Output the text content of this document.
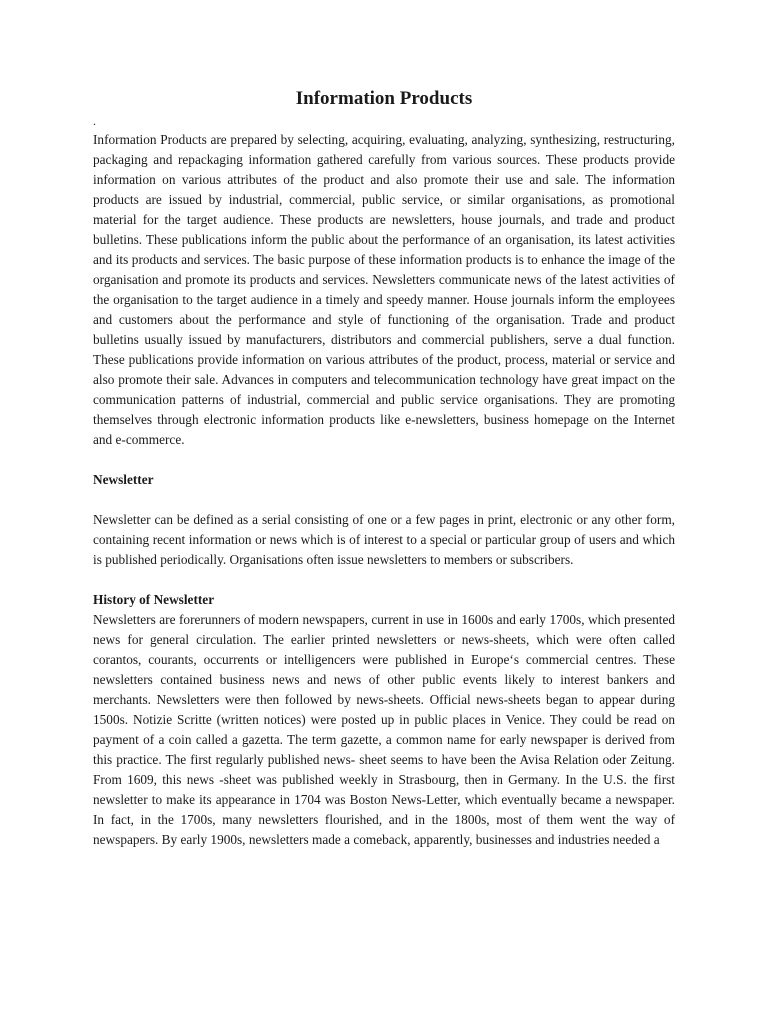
Information Products
.

Information Products are prepared by selecting, acquiring, evaluating, analyzing, synthesizing, restructuring, packaging and repackaging information gathered carefully from various sources. These products provide information on various attributes of the product and also promote their use and sale. The information products are issued by industrial, commercial, public service, or similar organisations, as promotional material for the target audience. These products are newsletters, house journals, and trade and product bulletins. These publications inform the public about the performance of an organisation, its latest activities and its products and services. The basic purpose of these information products is to enhance the image of the organisation and promote its products and services. Newsletters communicate news of the latest activities of the organisation to the target audience in a timely and speedy manner. House journals inform the employees and customers about the performance and style of functioning of the organisation. Trade and product bulletins usually issued by manufacturers, distributors and commercial publishers, serve a dual function. These publications provide information on various attributes of the product, process, material or service and also promote their sale. Advances in computers and telecommunication technology have great impact on the communication patterns of industrial, commercial and public service organisations. They are promoting themselves through electronic information products like e-newsletters, business homepage on the Internet and e-commerce.

Newsletter

Newsletter can be defined as a serial consisting of one or a few pages in print, electronic or any other form, containing recent information or news which is of interest to a special or particular group of users and which is published periodically. Organisations often issue newsletters to members or subscribers.

History of Newsletter

Newsletters are forerunners of modern newspapers, current in use in 1600s and early 1700s, which presented news for general circulation. The earlier printed newsletters or news-sheets, which were often called corantos, courants, occurrents or intelligencers were published in Europe‘s commercial centres. These newsletters contained business news and news of other public events likely to interest bankers and merchants. Newsletters were then followed by news-sheets. Official news-sheets began to appear during 1500s. Notizie Scritte (written notices) were posted up in public places in Venice. They could be read on payment of a coin called a gazetta. The term gazette, a common name for early newspaper is derived from this practice. The first regularly published news- sheet seems to have been the Avisa Relation oder Zeitung. From 1609, this news -sheet was published weekly in Strasbourg, then in Germany. In the U.S. the first newsletter to make its appearance in 1704 was Boston News-Letter, which eventually became a newspaper. In fact, in the 1700s, many newsletters flourished, and in the 1800s, most of them went the way of newspapers. By early 1900s, newsletters made a comeback, apparently, businesses and industries needed a
